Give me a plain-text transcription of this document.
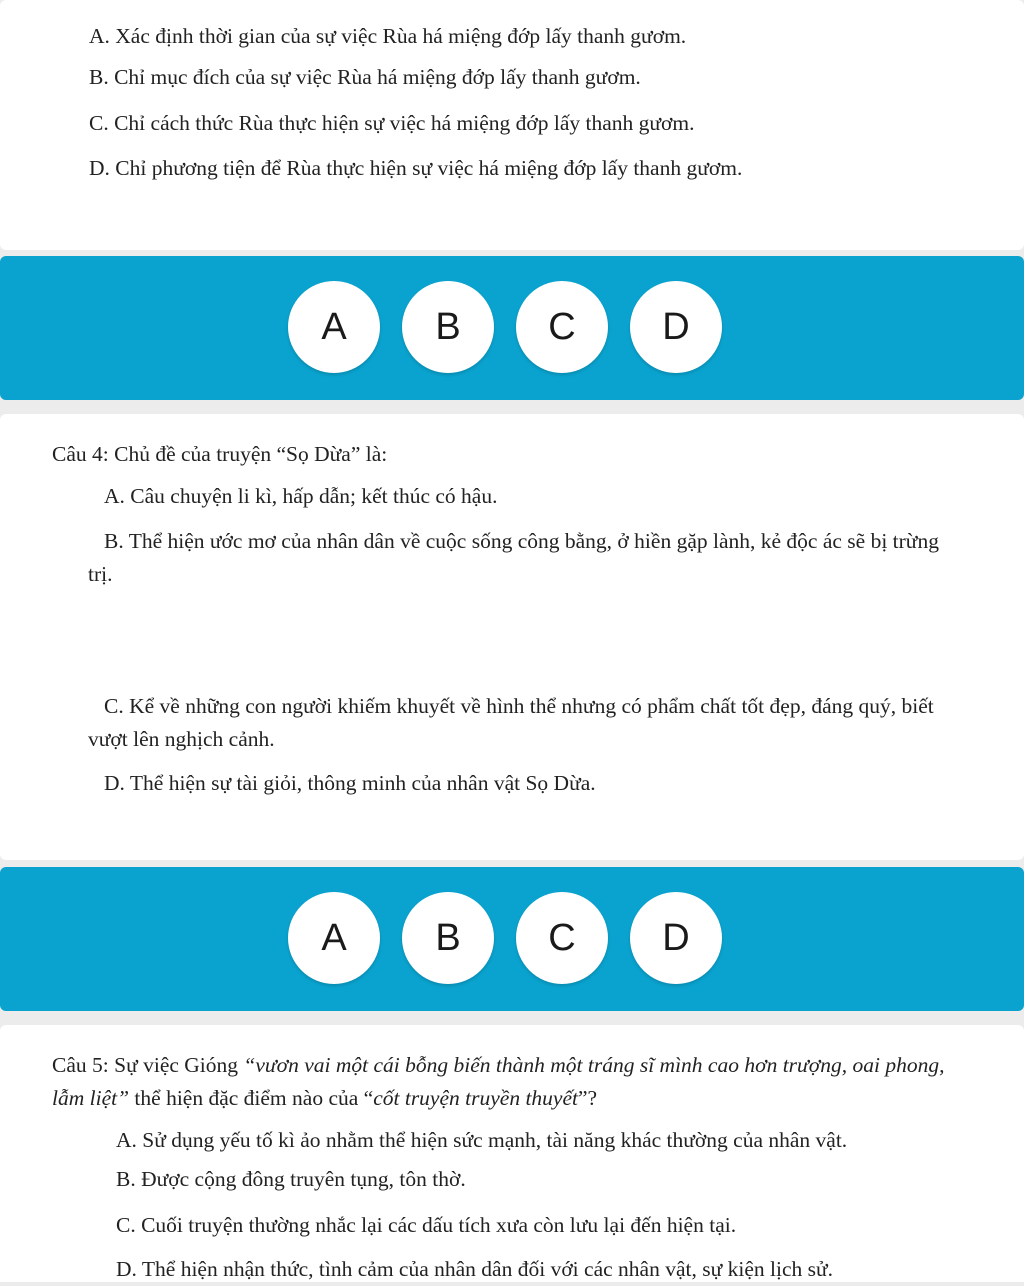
A. Xác định thời gian của sự việc Rùa há miệng đớp lấy thanh gươm.
B. Chỉ mục đích của sự việc Rùa há miệng đớp lấy thanh gươm.
C. Chỉ cách thức Rùa thực hiện sự việc há miệng đớp lấy thanh gươm.
D. Chỉ phương tiện để Rùa thực hiện sự việc há miệng đớp lấy thanh gươm.
A	B	C	D
Câu 4: Chủ đề của truyện “Sọ Dừa” là:
A. Câu chuyện li kì, hấp dẫn; kết thúc có hậu.
B. Thể hiện ước mơ của nhân dân về cuộc sống công bằng, ở hiền gặp lành, kẻ độc ác sẽ bị trừng trị.
C. Kể về những con người khiếm khuyết về hình thể nhưng có phẩm chất tốt đẹp, đáng quý, biết vượt lên nghịch cảnh.
D. Thể hiện sự tài giỏi, thông minh của nhân vật Sọ Dừa.
A	B	C	D
Câu 5: Sự việc Gióng “vươn vai một cái bỗng biến thành một tráng sĩ mình cao hơn trượng, oai phong, lẫm liệt” thể hiện đặc điểm nào của “cốt truyện truyền thuyết”?
A. Sử dụng yếu tố kì ảo nhằm thể hiện sức mạnh, tài năng khác thường của nhân vật.
B. Được cộng đông truyên tụng, tôn thờ.
C. Cuối truyện thường nhắc lại các dấu tích xưa còn lưu lại đến hiện tại.
D. Thể hiện nhận thức, tình cảm của nhân dân đối với các nhân vật, sự kiện lịch sử.
